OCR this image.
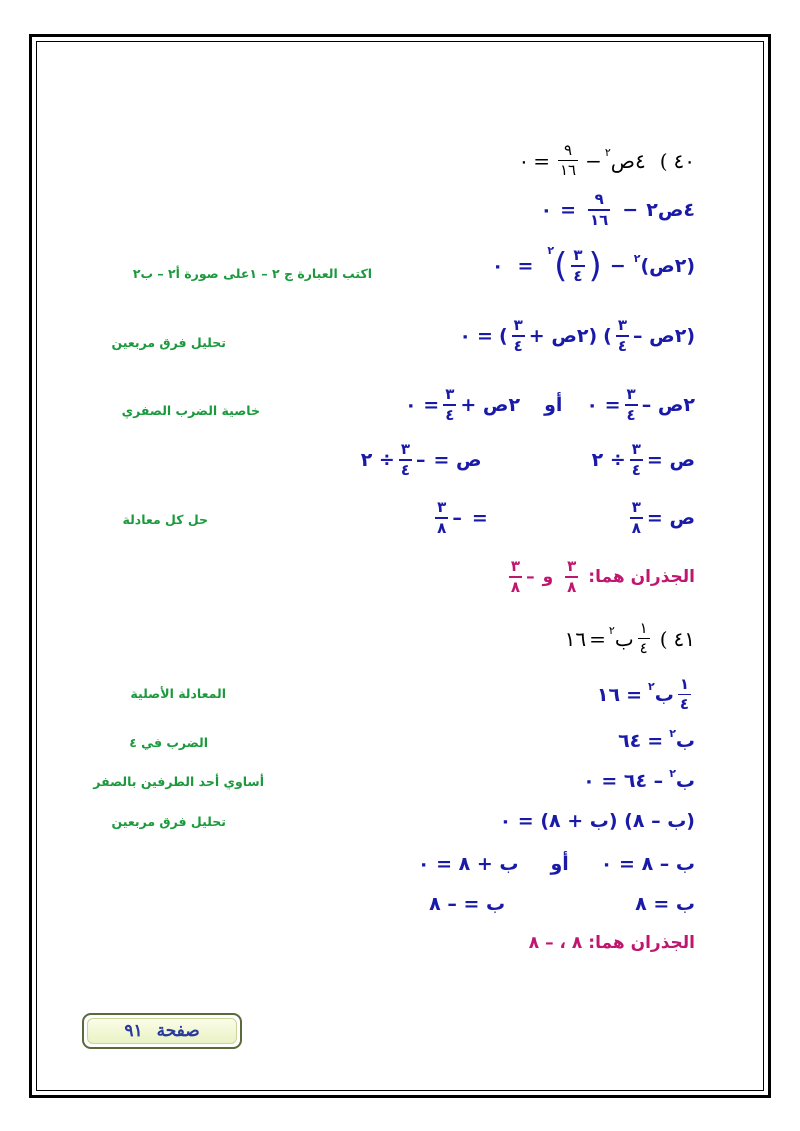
٤٠
)
٤ص
٢
−
$\frac{٩}{١٦}$
=
٠
٤ص٢
−
$\frac{٩}{١٦}$
=
٠
(٢ص)
٢
−
(
$\frac{٣}{٤}$
)
٢
=
٠
اكتب العبارة ج ٢ – ١على صورة أ٢ – ب٢
(٢ص –
$\frac{٣}{٤}$
)
(٢ص +
$\frac{٣}{٤}$
)
=
٠
تحليل فرق مربعين
٢ص –
$\frac{٣}{٤}$
= ٠
أو
٢ص +
$\frac{٣}{٤}$
= ٠
خاصية الضرب الصفري
ص =
$\frac{٣}{٤}$
÷ ٢
ص =
–
$\frac{٣}{٤}$
÷ ٢
ص =
$\frac{٣}{٨}$
=
–
$\frac{٣}{٨}$
حل كل معادلة
الجذران هما:
$\frac{٣}{٨}$
و
–
$\frac{٣}{٨}$
٤١
)
$\frac{١}{٤}$
ب
٢
=
١٦
$\frac{١}{٤}$
ب
٢
=
١٦
المعادلة الأصلية
ب
٢
=
٦٤
الضرب في ٤
ب
٢
– ٦٤ = ٠
أساوي أحد الطرفين بالصفر
(ب – ٨) (ب + ٨) = ٠
تحليل فرق مربعين
ب – ٨ = ٠
أو
ب + ٨ = ٠
ب = ٨
ب = – ٨
الجذران هما:
٨ ، – ٨
صفحة
٩١
